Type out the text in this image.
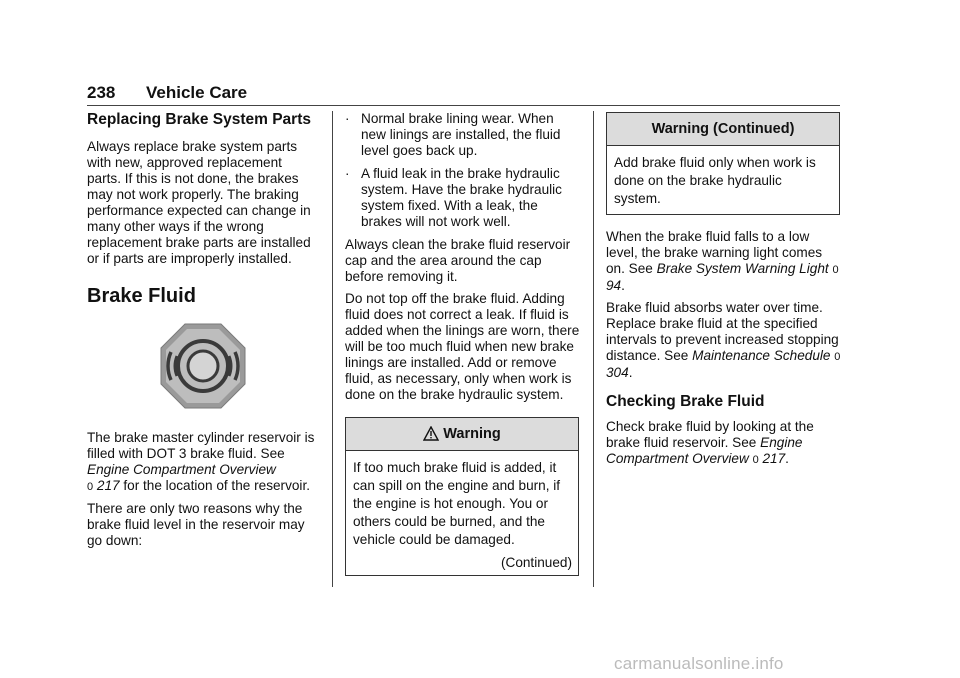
238 Vehicle Care
Replacing Brake System Parts

Always replace brake system parts with new, approved replacement parts. If this is not done, the brakes may not work properly. The braking performance expected can change in many other ways if the wrong replacement brake parts are installed or if parts are improperly installed.

Brake Fluid

The brake master cylinder reservoir is filled with DOT 3 brake fluid. See Engine Compartment Overview
0 217 for the location of the reservoir.

There are only two reasons why the brake fluid level in the reservoir may go down:

· Normal brake lining wear. When new linings are installed, the fluid level goes back up.
· A fluid leak in the brake hydraulic system. Have the brake hydraulic system fixed. With a leak, the brakes will not work well.

Always clean the brake fluid reservoir cap and the area around the cap before removing it.

Do not top off the brake fluid. Adding fluid does not correct a leak. If fluid is added when the linings are worn, there will be too much fluid when new brake linings are installed. Add or remove fluid, as necessary, only when work is done on the brake hydraulic system.

Warning
If too much brake fluid is added, it can spill on the engine and burn, if the engine is hot enough. You or others could be burned, and the vehicle could be damaged.
(Continued)
Warning (Continued)
Add brake fluid only when work is done on the brake hydraulic system.

When the brake fluid falls to a low level, the brake warning light comes on. See Brake System Warning Light 0 94.

Brake fluid absorbs water over time. Replace brake fluid at the specified intervals to prevent increased stopping distance. See Maintenance Schedule 0 304.

Checking Brake Fluid

Check brake fluid by looking at the brake fluid reservoir. See Engine Compartment Overview 0 217.

carmanualsonline.info
